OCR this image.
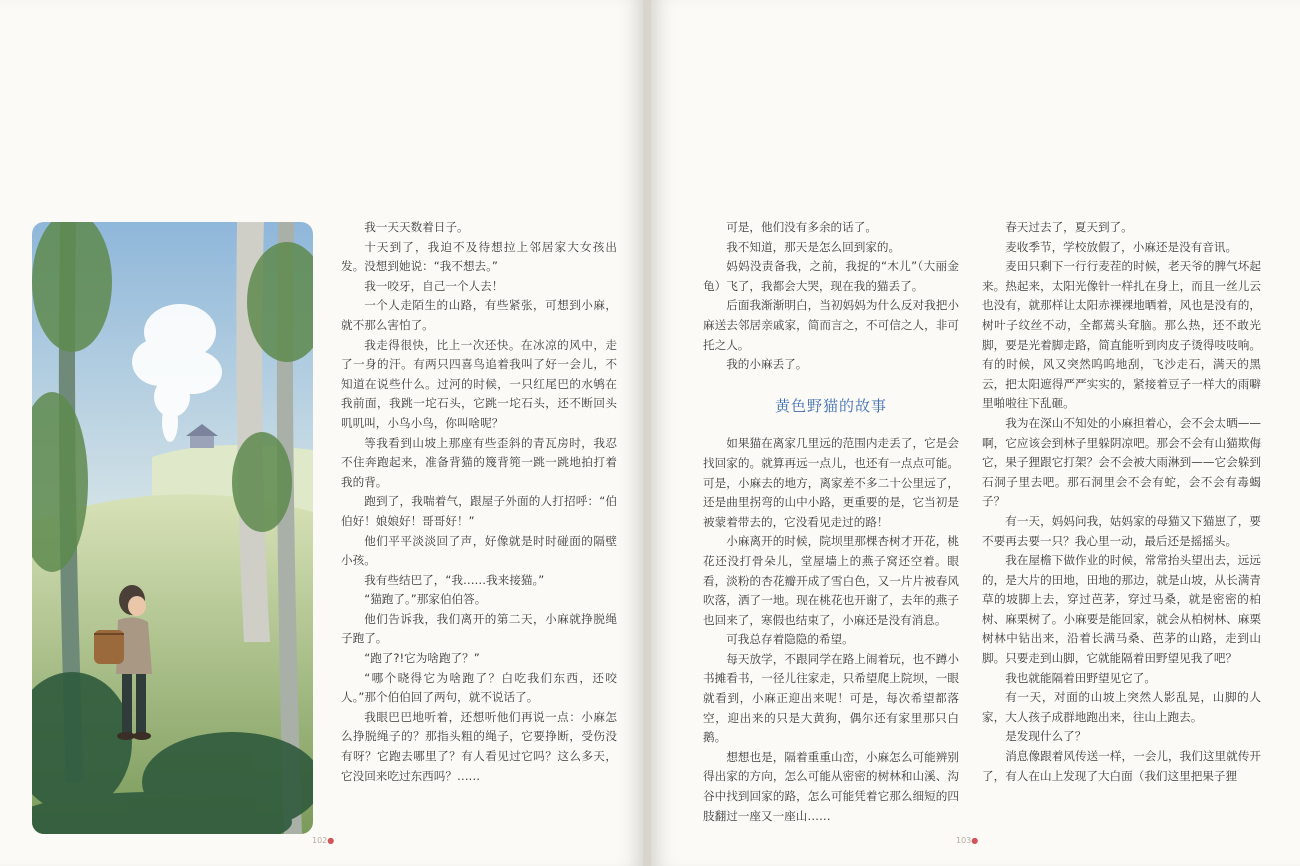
我一天天数着日子。

十天到了，我迫不及待想拉上邻居家大女孩出发。没想到她说：“我不想去。”

我一咬牙，自己一个人去！

一个人走陌生的山路，有些紧张，可想到小麻，就不那么害怕了。

我走得很快，比上一次还快。在冰凉的风中，走了一身的汗。有两只四喜鸟追着我叫了好一会儿，不知道在说些什么。过河的时候，一只红尾巴的水鸲在我前面，我跳一坨石头，它跳一坨石头，还不断回头叽叽叫，小鸟小鸟，你叫啥呢？

等我看到山坡上那座有些歪斜的青瓦房时，我忍不住奔跑起来，准备背猫的篾背篼一跳一跳地拍打着我的背。

跑到了，我喘着气，跟屋子外面的人打招呼：“伯伯好！娘娘好！哥哥好！”

他们平平淡淡回了声，好像就是时时碰面的隔壁小孩。

我有些结巴了，“我……我来接猫。”

“猫跑了。”那家伯伯答。

他们告诉我，我们离开的第二天，小麻就挣脱绳子跑了。

“跑了?!它为啥跑了？”

“哪个晓得它为啥跑了？白吃我们东西，还咬人。”那个伯伯回了两句，就不说话了。

我眼巴巴地听着，还想听他们再说一点：小麻怎么挣脱绳子的？那指头粗的绳子，它要挣断，受伤没有呀？它跑去哪里了？有人看见过它吗？这么多天，它没回来吃过东西吗？……

102●

可是，他们没有多余的话了。

我不知道，那天是怎么回到家的。

妈妈没责备我，之前，我捉的“木儿”（大丽金龟）飞了，我都会大哭，现在我的猫丢了。

后面我渐渐明白，当初妈妈为什么反对我把小麻送去邻居亲戚家，简而言之，不可信之人，非可托之人。

我的小麻丢了。

黄色野猫的故事

如果猫在离家几里远的范围内走丢了，它是会找回家的。就算再远一点儿，也还有一点点可能。可是，小麻去的地方，离家差不多二十公里远了，还是曲里拐弯的山中小路，更重要的是，它当初是被蒙着带去的，它没看见走过的路！

小麻离开的时候，院坝里那棵杏树才开花，桃花还没打骨朵儿，堂屋墙上的燕子窝还空着。眼看，淡粉的杏花瓣开成了雪白色，又一片片被春风吹落，洒了一地。现在桃花也开谢了，去年的燕子也回来了，寒假也结束了，小麻还是没有消息。

可我总存着隐隐的希望。

每天放学，不跟同学在路上闹着玩，也不蹲小书摊看书，一径儿往家走，只希望爬上院坝，一眼就看到，小麻正迎出来呢！可是，每次希望都落空，迎出来的只是大黄狗，偶尔还有家里那只白鹅。

想想也是，隔着重重山峦，小麻怎么可能辨别得出家的方向，怎么可能从密密的树林和山溪、沟谷中找到回家的路，怎么可能凭着它那么细短的四肢翻过一座又一座山……

春天过去了，夏天到了。

麦收季节，学校放假了，小麻还是没有音讯。

麦田只剩下一行行麦茬的时候，老天爷的脾气坏起来。热起来，太阳光像针一样扎在身上，而且一丝儿云也没有，就那样让太阳赤裸裸地晒着，风也是没有的，树叶子纹丝不动，全都蔫头耷脑。那么热，还不敢光脚，要是光着脚走路，简直能听到肉皮子烫得吱吱响。有的时候，风又突然呜呜地刮，飞沙走石，满天的黑云，把太阳遮得严严实实的，紧接着豆子一样大的雨噼里啪啦往下乱砸。

我为在深山不知处的小麻担着心，会不会太晒——啊，它应该会到林子里躲阴凉吧。那会不会有山猫欺侮它，果子狸跟它打架？会不会被大雨淋到——它会躲到石洞子里去吧。那石洞里会不会有蛇，会不会有毒蝎子？

有一天，妈妈问我，姑妈家的母猫又下猫崽了，要不要再去要一只？我心里一动，最后还是摇摇头。

我在屋檐下做作业的时候，常常抬头望出去，远远的，是大片的田地，田地的那边，就是山坡，从长满青草的坡脚上去，穿过芭茅，穿过马桑，就是密密的柏树、麻栗树了。小麻要是能回家，就会从柏树林、麻栗树林中钻出来，沿着长满马桑、芭茅的山路，走到山脚。只要走到山脚，它就能隔着田野望见我了吧？

我也就能隔着田野望见它了。

有一天，对面的山坡上突然人影乱晃，山脚的人家，大人孩子成群地跑出来，往山上跑去。

是发现什么了？

消息像跟着风传送一样，一会儿，我们这里就传开了，有人在山上发现了大白面（我们这里把果子狸

103●
